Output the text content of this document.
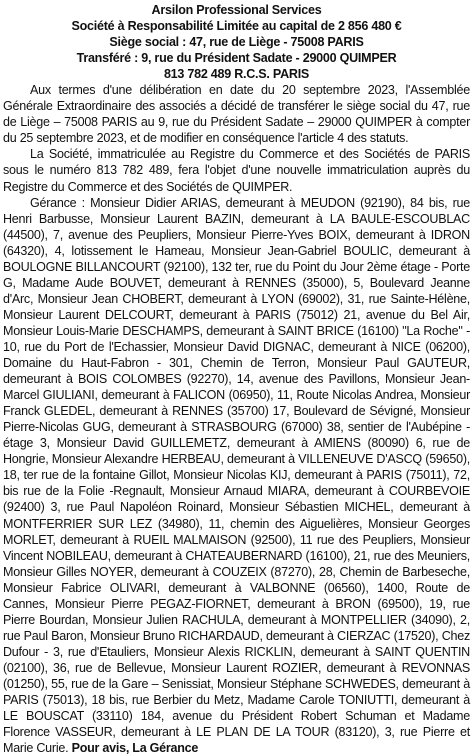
Arsilon Professional Services
Société à Responsabilité Limitée au capital de 2 856 480 €
Siège social : 47, rue de Liège - 75008 PARIS
Transféré : 9, rue du Président Sadate - 29000 QUIMPER
813 782 489 R.C.S. PARIS
Aux termes d'une délibération en date du 20 septembre 2023, l'Assemblée Générale Extraordinaire des associés a décidé de transférer le siège social du 47, rue de Liège – 75008 PARIS au 9, rue du Président Sadate – 29000 QUIMPER à compter du 25 septembre 2023, et de modifier en conséquence l'article 4 des statuts.
La Société, immatriculée au Registre du Commerce et des Sociétés de PARIS sous le numéro 813 782 489, fera l'objet d'une nouvelle immatriculation auprès du Registre du Commerce et des Sociétés de QUIMPER.
Gérance : Monsieur Didier ARIAS, demeurant à MEUDON (92190), 84 bis, rue Henri Barbusse, Monsieur Laurent BAZIN, demeurant à LA BAULE-ESCOUBLAC (44500), 7, avenue des Peupliers, Monsieur Pierre-Yves BOIX, demeurant à IDRON (64320), 4, lotissement le Hameau, Monsieur Jean-Gabriel BOULIC, demeurant à BOULOGNE BILLANCOURT (92100), 132 ter, rue du Point du Jour 2ème étage - Porte G, Madame Aude BOUVET, demeurant à RENNES (35000), 5, Boulevard Jeanne d'Arc, Monsieur Jean CHOBERT, demeurant à LYON (69002), 31, rue Sainte-Hélène, Monsieur Laurent DELCOURT, demeurant à PARIS (75012) 21, avenue du Bel Air, Monsieur Louis-Marie DESCHAMPS, demeurant à SAINT BRICE (16100) "La Roche" - 10, rue du Port de l'Echassier, Monsieur David DIGNAC, demeurant à NICE (06200), Domaine du Haut-Fabron - 301, Chemin de Terron, Monsieur Paul GAUTEUR, demeurant à BOIS COLOMBES (92270), 14, avenue des Pavillons, Monsieur Jean-Marcel GIULIANI, demeurant à FALICON (06950), 11, Route Nicolas Andrea, Monsieur Franck GLEDEL, demeurant à RENNES (35700) 17, Boulevard de Sévigné, Monsieur Pierre-Nicolas GUG, demeurant à STRASBOURG (67000) 38, sentier de l'Aubépine - étage 3, Monsieur David GUILLEMETZ, demeurant à AMIENS (80090) 6, rue de Hongrie, Monsieur Alexandre HERBEAU, demeurant à VILLENEUVE D'ASCQ (59650), 18, ter rue de la fontaine Gillot, Monsieur Nicolas KIJ, demeurant à PARIS (75011), 72, bis rue de la Folie -Regnault, Monsieur Arnaud MIARA, demeurant à COURBEVOIE (92400) 3, rue Paul Napoléon Roinard, Monsieur Sébastien MICHEL, demeurant à MONTFERRIER SUR LEZ (34980), 11, chemin des Aiguelières, Monsieur Georges MORLET, demeurant à RUEIL MALMAISON (92500), 11 rue des Peupliers, Monsieur Vincent NOBILEAU, demeurant à CHATEAUBERNARD (16100), 21, rue des Meuniers, Monsieur Gilles NOYER, demeurant à COUZEIX (87270), 28, Chemin de Barbeseche, Monsieur Fabrice OLIVARI, demeurant à VALBONNE (06560), 1400, Route de Cannes, Monsieur Pierre PEGAZ-FIORNET, demeurant à BRON (69500), 19, rue Pierre Bourdan, Monsieur Julien RACHULA, demeurant à MONTPELLIER (34090), 2, rue Paul Baron, Monsieur Bruno RICHARDAUD, demeurant à CIERZAC (17520), Chez Dufour - 3, rue d'Etauliers, Monsieur Alexis RICKLIN, demeurant à SAINT QUENTIN (02100), 36, rue de Bellevue, Monsieur Laurent ROZIER, demeurant à REVONNAS (01250), 55, rue de la Gare – Senissiat, Monsieur Stéphane SCHWEDES, demeurant à PARIS (75013), 18 bis, rue Berbier du Metz, Madame Carole TONIUTTI, demeurant à LE BOUSCAT (33110) 184, avenue du Président Robert Schuman et Madame Florence VASSEUR, demeurant à LE PLAN DE LA TOUR (83120), 3, rue Pierre et Marie Curie. Pour avis, La Gérance
